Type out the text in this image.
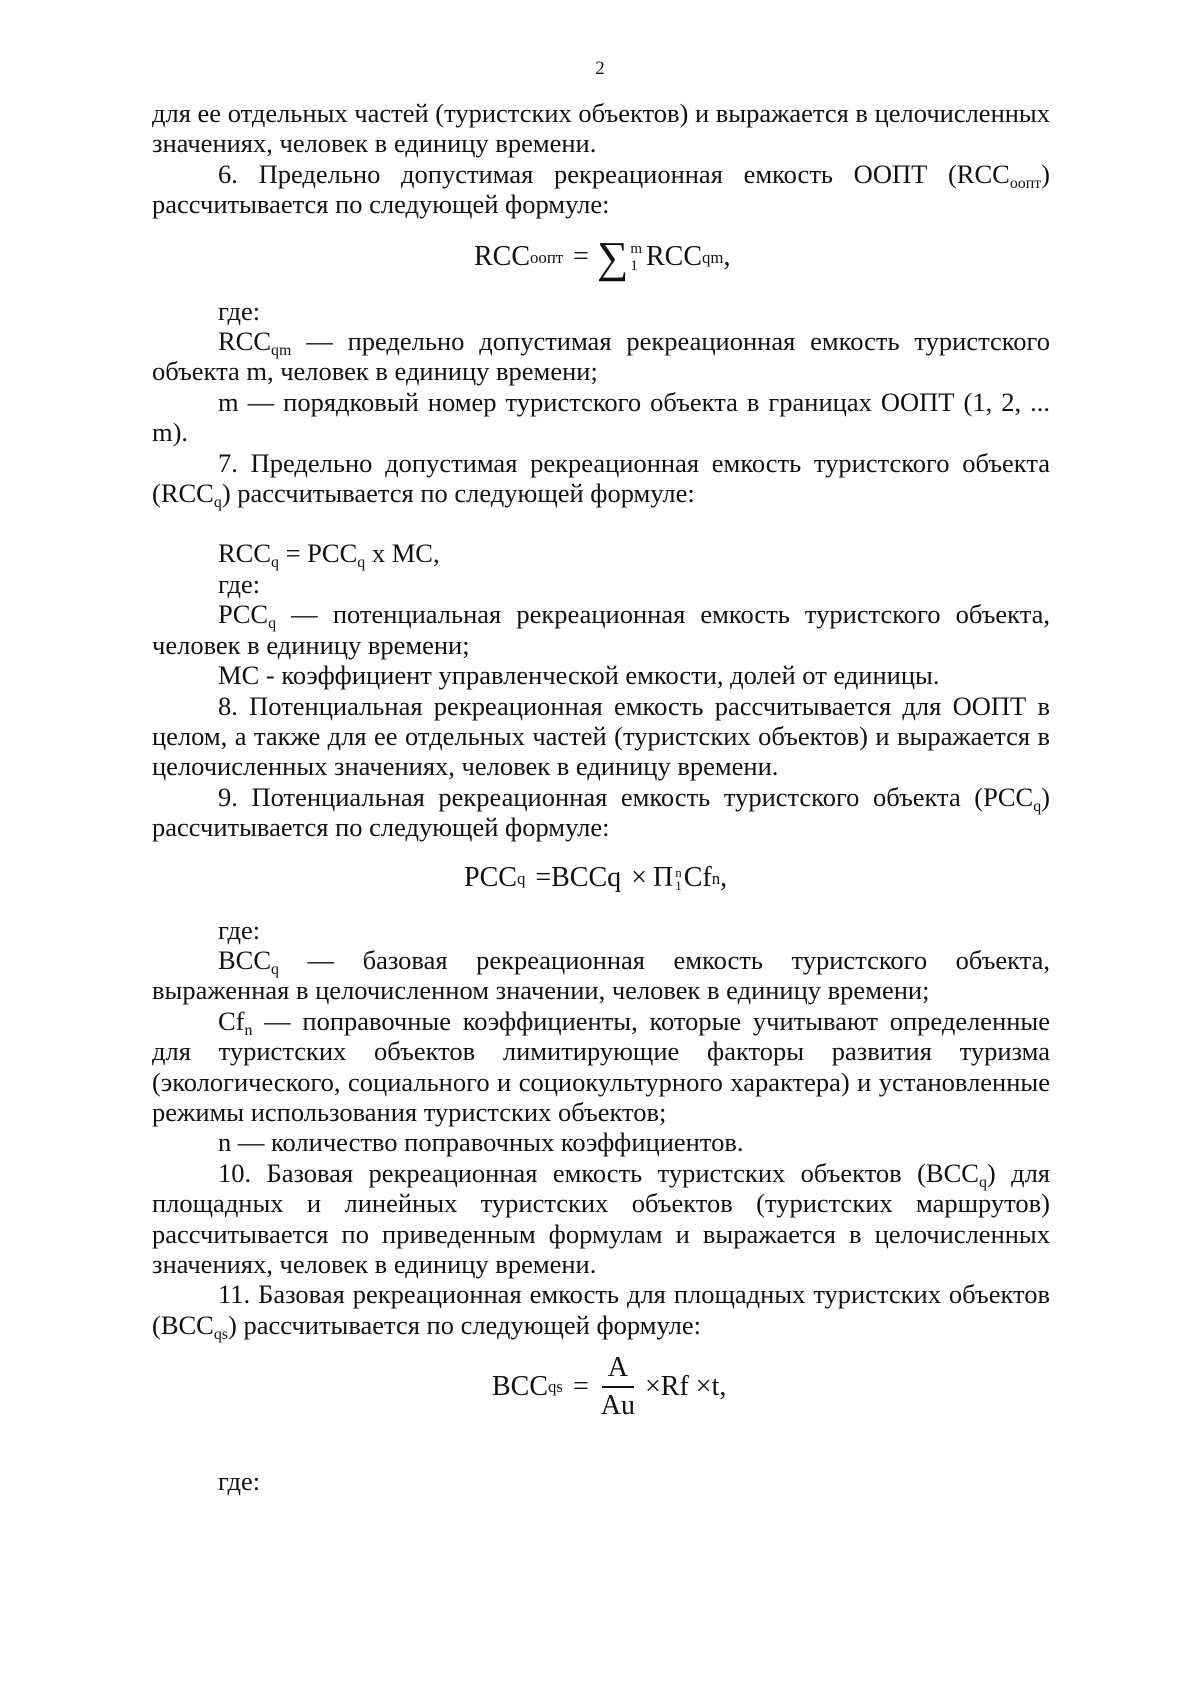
2

для ее отдельных частей (туристских объектов) и выражается в целочисленных значениях, человек в единицу времени.

6. Предельно допустимая рекреационная емкость ООПТ $(RCC_{оопт})$ рассчитывается по следующей формуле:

RCC оопт = ∑ m
1 RCC qm ,

где:

$RCC_{qm}$ — предельно допустимая рекреационная емкость туристского объекта m, человек в единицу времени;

m — порядковый номер туристского объекта в границах ООПТ (1, 2, ... m).

7. Предельно допустимая рекреационная емкость туристского объекта $(RCC_q)$ рассчитывается по следующей формуле:

$RCC_q = PCC_q$ х МС,

где:

$PCC_q$ — потенциальная рекреационная емкость туристского объекта, человек в единицу времени;

МС - коэффициент управленческой емкости, долей от единицы.

8. Потенциальная рекреационная емкость рассчитывается для ООПТ в целом, а также для ее отдельных частей (туристских объектов) и выражается в целочисленных значениях, человек в единицу времени.

9. Потенциальная рекреационная емкость туристского объекта $(PCC_q)$ рассчитывается по следующей формуле:

PCC q =BCCq × Π n
1 Cf n ,

где:

$BCC_q$ — базовая рекреационная емкость туристского объекта, выраженная в целочисленном значении, человек в единицу времени;

$Cf_n$ — поправочные коэффициенты, которые учитывают определенные для туристских объектов лимитирующие факторы развития туризма (экологического, социального и социокультурного характера) и установленные режимы использования туристских объектов;

n — количество поправочных коэффициентов.

10. Базовая рекреационная емкость туристских объектов $(BCC_q)$ для площадных и линейных туристских объектов (туристских маршрутов) рассчитывается по приведенным формулам и выражается в целочисленных значениях, человек в единицу времени.

11. Базовая рекреационная емкость для площадных туристских объектов $(BCC_{qs})$ рассчитывается по следующей формуле:

BCC qs = $\frac{A}{Au} \times Rf \times t$,

где:
